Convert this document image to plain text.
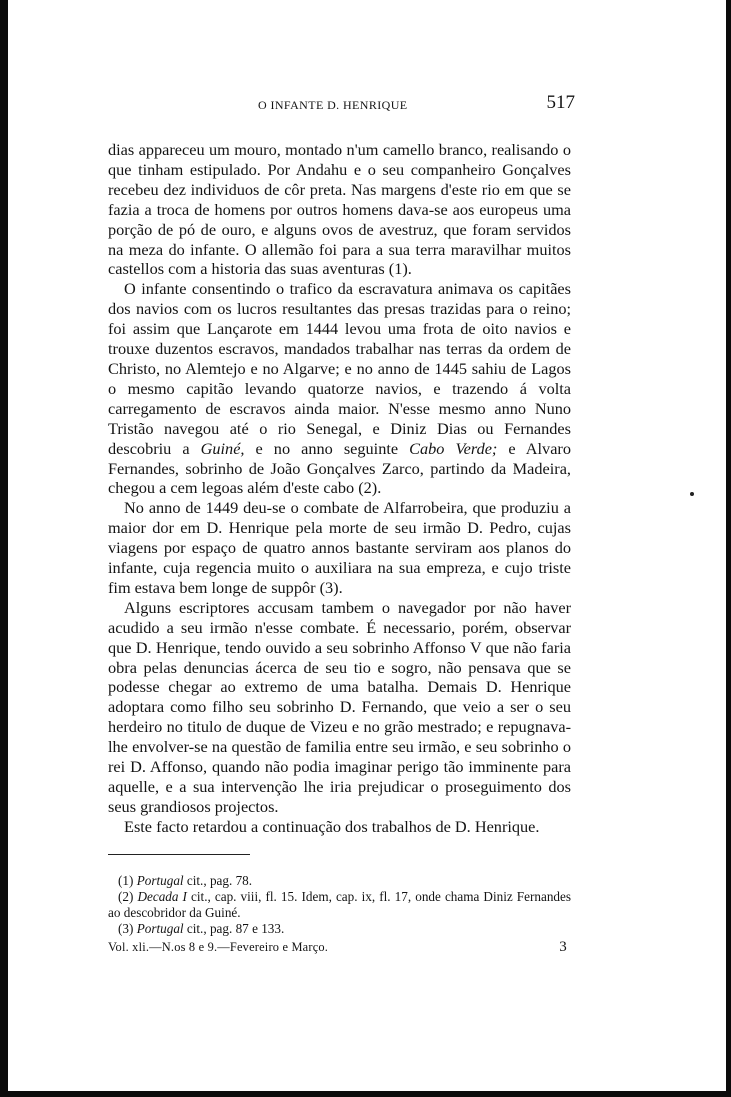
O INFANTE D. HENRIQUE	517

dias appareceu um mouro, montado n'um camello branco, realisando o que tinham estipulado. Por Andahu e o seu companheiro Gonçalves recebeu dez individuos de côr preta. Nas margens d'este rio em que se fazia a troca de homens por outros homens dava-se aos europeus uma porção de pó de ouro, e alguns ovos de avestruz, que foram servidos na meza do infante. O allemão foi para a sua terra maravilhar muitos castellos com a historia das suas aventuras (1).

O infante consentindo o trafico da escravatura animava os capitães dos navios com os lucros resultantes das presas trazidas para o reino; foi assim que Lançarote em 1444 levou uma frota de oito navios e trouxe duzentos escravos, mandados trabalhar nas terras da ordem de Christo, no Alemtejo e no Algarve; e no anno de 1445 sahiu de Lagos o mesmo capitão levando quatorze navios, e trazendo á volta carregamento de escravos ainda maior. N'esse mesmo anno Nuno Tristão navegou até o rio Senegal, e Diniz Dias ou Fernandes descobriu a Guiné, e no anno seguinte Cabo Verde; e Alvaro Fernandes, sobrinho de João Gonçalves Zarco, partindo da Madeira, chegou a cem legoas além d'este cabo (2).

No anno de 1449 deu-se o combate de Alfarrobeira, que produziu a maior dor em D. Henrique pela morte de seu irmão D. Pedro, cujas viagens por espaço de quatro annos bastante serviram aos planos do infante, cuja regencia muito o auxiliara na sua empreza, e cujo triste fim estava bem longe de suppôr (3).

Alguns escriptores accusam tambem o navegador por não haver acudido a seu irmão n'esse combate. É necessario, porém, observar que D. Henrique, tendo ouvido a seu sobrinho Affonso V que não faria obra pelas denuncias ácerca de seu tio e sogro, não pensava que se podesse chegar ao extremo de uma batalha. Demais D. Henrique adoptara como filho seu sobrinho D. Fernando, que veio a ser o seu herdeiro no titulo de duque de Vizeu e no grão mestrado; e repugnava-lhe envolver-se na questão de familia entre seu irmão, e seu sobrinho o rei D. Affonso, quando não podia imaginar perigo tão imminente para aquelle, e a sua intervenção lhe iria prejudicar o proseguimento dos seus grandiosos projectos.

Este facto retardou a continuação dos trabalhos de D. Henrique.

(1) Portugal cit., pag. 78.

(2) Decada I cit., cap. viii, fl. 15. Idem, cap. ix, fl. 17, onde chama Diniz Fernandes ao descobridor da Guiné.

(3) Portugal cit., pag. 87 e 133.

Vol. xli.—N.os 8 e 9.—Fevereiro e Março.	3
